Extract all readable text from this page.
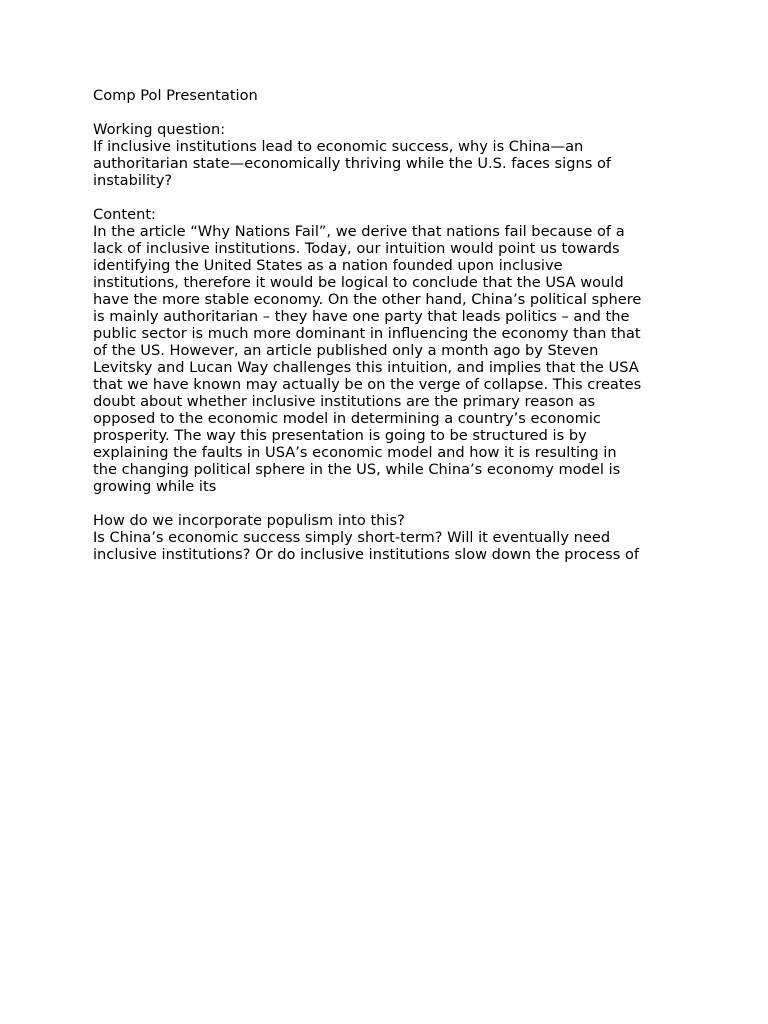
Comp Pol Presentation
Working question:
If inclusive institutions lead to economic success, why is China—an
authoritarian state—economically thriving while the U.S. faces signs of
instability?
Content:
In the article “Why Nations Fail”, we derive that nations fail because of a
lack of inclusive institutions. Today, our intuition would point us towards
identifying the United States as a nation founded upon inclusive
institutions, therefore it would be logical to conclude that the USA would
have the more stable economy. On the other hand, China’s political sphere
is mainly authoritarian – they have one party that leads politics – and the
public sector is much more dominant in influencing the economy than that
of the US. However, an article published only a month ago by Steven
Levitsky and Lucan Way challenges this intuition, and implies that the USA
that we have known may actually be on the verge of collapse. This creates
doubt about whether inclusive institutions are the primary reason as
opposed to the economic model in determining a country’s economic
prosperity. The way this presentation is going to be structured is by
explaining the faults in USA’s economic model and how it is resulting in
the changing political sphere in the US, while China’s economy model is
growing while its
How do we incorporate populism into this?
Is China’s economic success simply short-term? Will it eventually need
inclusive institutions? Or do inclusive institutions slow down the process of
